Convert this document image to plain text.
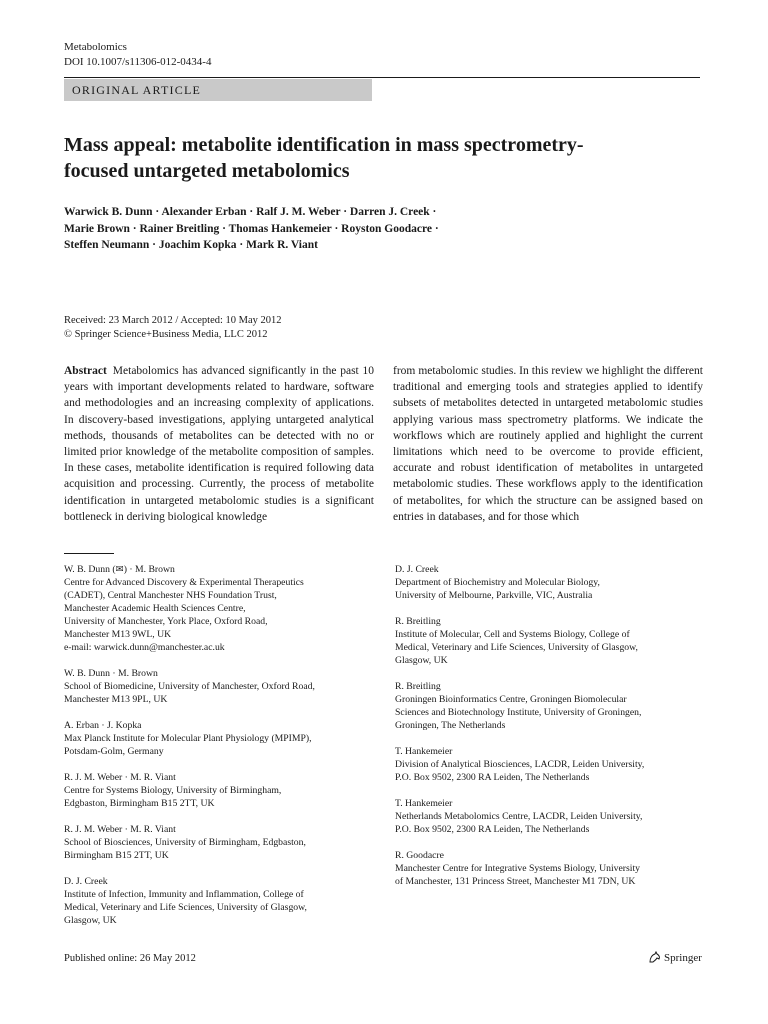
Metabolomics
DOI 10.1007/s11306-012-0434-4
ORIGINAL ARTICLE
Mass appeal: metabolite identification in mass spectrometry-focused untargeted metabolomics
Warwick B. Dunn · Alexander Erban · Ralf J. M. Weber · Darren J. Creek ·
Marie Brown · Rainer Breitling · Thomas Hankemeier · Royston Goodacre ·
Steffen Neumann · Joachim Kopka · Mark R. Viant
Received: 23 March 2012 / Accepted: 10 May 2012
© Springer Science+Business Media, LLC 2012
Abstract Metabolomics has advanced significantly in the past 10 years with important developments related to hardware, software and methodologies and an increasing complexity of applications. In discovery-based investigations, applying untargeted analytical methods, thousands of metabolites can be detected with no or limited prior knowledge of the metabolite composition of samples. In these cases, metabolite identification is required following data acquisition and processing. Currently, the process of metabolite identification in untargeted metabolomic studies is a significant bottleneck in deriving biological knowledge
from metabolomic studies. In this review we highlight the different traditional and emerging tools and strategies applied to identify subsets of metabolites detected in untargeted metabolomic studies applying various mass spectrometry platforms. We indicate the workflows which are routinely applied and highlight the current limitations which need to be overcome to provide efficient, accurate and robust identification of metabolites in untargeted metabolomic studies. These workflows apply to the identification of metabolites, for which the structure can be assigned based on entries in databases, and for those which
W. B. Dunn (✉) · M. Brown
Centre for Advanced Discovery & Experimental Therapeutics
(CADET), Central Manchester NHS Foundation Trust,
Manchester Academic Health Sciences Centre,
University of Manchester, York Place, Oxford Road,
Manchester M13 9WL, UK
e-mail: warwick.dunn@manchester.ac.uk
W. B. Dunn · M. Brown
School of Biomedicine, University of Manchester, Oxford Road,
Manchester M13 9PL, UK
A. Erban · J. Kopka
Max Planck Institute for Molecular Plant Physiology (MPIMP),
Potsdam-Golm, Germany
R. J. M. Weber · M. R. Viant
Centre for Systems Biology, University of Birmingham,
Edgbaston, Birmingham B15 2TT, UK
R. J. M. Weber · M. R. Viant
School of Biosciences, University of Birmingham, Edgbaston,
Birmingham B15 2TT, UK
D. J. Creek
Institute of Infection, Immunity and Inflammation, College of
Medical, Veterinary and Life Sciences, University of Glasgow,
Glasgow, UK
D. J. Creek
Department of Biochemistry and Molecular Biology,
University of Melbourne, Parkville, VIC, Australia
R. Breitling
Institute of Molecular, Cell and Systems Biology, College of
Medical, Veterinary and Life Sciences, University of Glasgow,
Glasgow, UK
R. Breitling
Groningen Bioinformatics Centre, Groningen Biomolecular
Sciences and Biotechnology Institute, University of Groningen,
Groningen, The Netherlands
T. Hankemeier
Division of Analytical Biosciences, LACDR, Leiden University,
P.O. Box 9502, 2300 RA Leiden, The Netherlands
T. Hankemeier
Netherlands Metabolomics Centre, LACDR, Leiden University,
P.O. Box 9502, 2300 RA Leiden, The Netherlands
R. Goodacre
Manchester Centre for Integrative Systems Biology, University
of Manchester, 131 Princess Street, Manchester M1 7DN, UK
Published online: 26 May 2012	Springer
